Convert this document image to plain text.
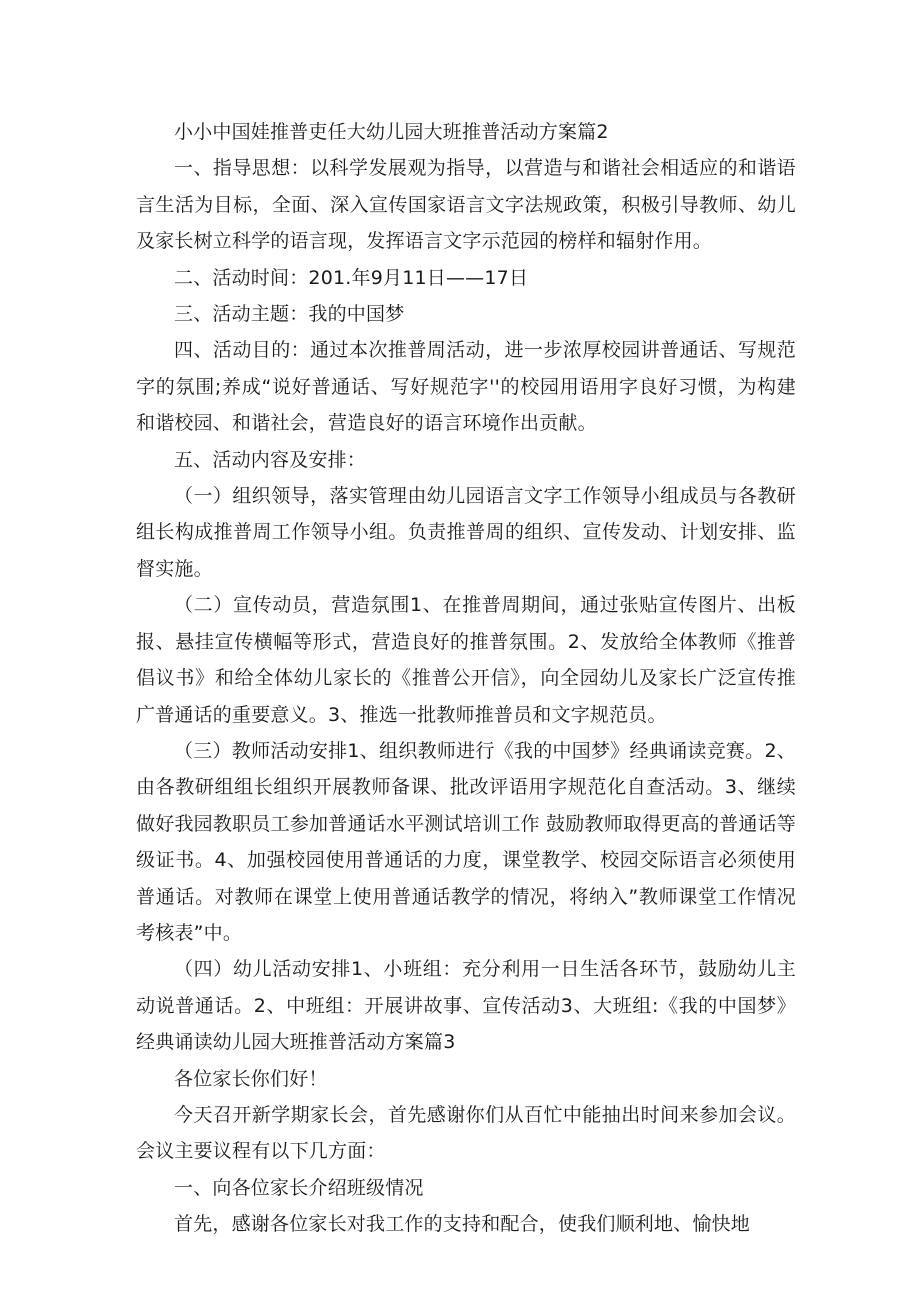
小小中国娃推普吏任大幼儿园大班推普活动方案篇2

一、指导思想：以科学发展观为指导，以营造与和谐社会相适应的和谐语言生活为目标，全面、深入宣传国家语言文字法规政策，积极引导教师、幼儿及家长树立科学的语言现，发挥语言文字示范园的榜样和辐射作用。

二、活动时间：201.年9月11日——17日

三、活动主题：我的中国梦

四、活动目的：通过本次推普周活动，进一步浓厚校园讲普通话、写规范字的氛围;养成“说好普通话、写好规范字''的校园用语用字良好习惯，为构建和谐校园、和谐社会，营造良好的语言环境作出贡献。

五、活动内容及安排：

（一）组织领导，落实管理由幼儿园语言文字工作领导小组成员与各教研组长构成推普周工作领导小组。负责推普周的组织、宣传发动、计划安排、监督实施。

（二）宣传动员，营造氛围1、在推普周期间，通过张贴宣传图片、出板报、悬挂宣传横幅等形式，营造良好的推普氛围。2、发放给全体教师《推普倡议书》和给全体幼儿家长的《推普公开信》，向全园幼儿及家长广泛宣传推广普通话的重要意义。3、推选一批教师推普员和文字规范员。

（三）教师活动安排1、组织教师进行《我的中国梦》经典诵读竞赛。2、由各教研组组长组织开展教师备课、批改评语用字规范化自查活动。3、继续做好我园教职员工参加普通话水平测试培训工作 鼓励教师取得更高的普通话等级证书。4、加强校园使用普通话的力度，课堂教学、校园交际语言必须使用普通话。对教师在课堂上使用普通话教学的情况，将纳入”教师课堂工作情况考核表”中。

（四）幼儿活动安排1、小班组：充分利用一日生活各环节，鼓励幼儿主动说普通话。2、中班组：开展讲故事、宣传活动3、大班组:《我的中国梦》经典诵读幼儿园大班推普活动方案篇3

各位家长你们好！

今天召开新学期家长会，首先感谢你们从百忙中能抽出时间来参加会议。会议主要议程有以下几方面：

一、向各位家长介绍班级情况

首先，感谢各位家长对我工作的支持和配合，使我们顺利地、愉快地
